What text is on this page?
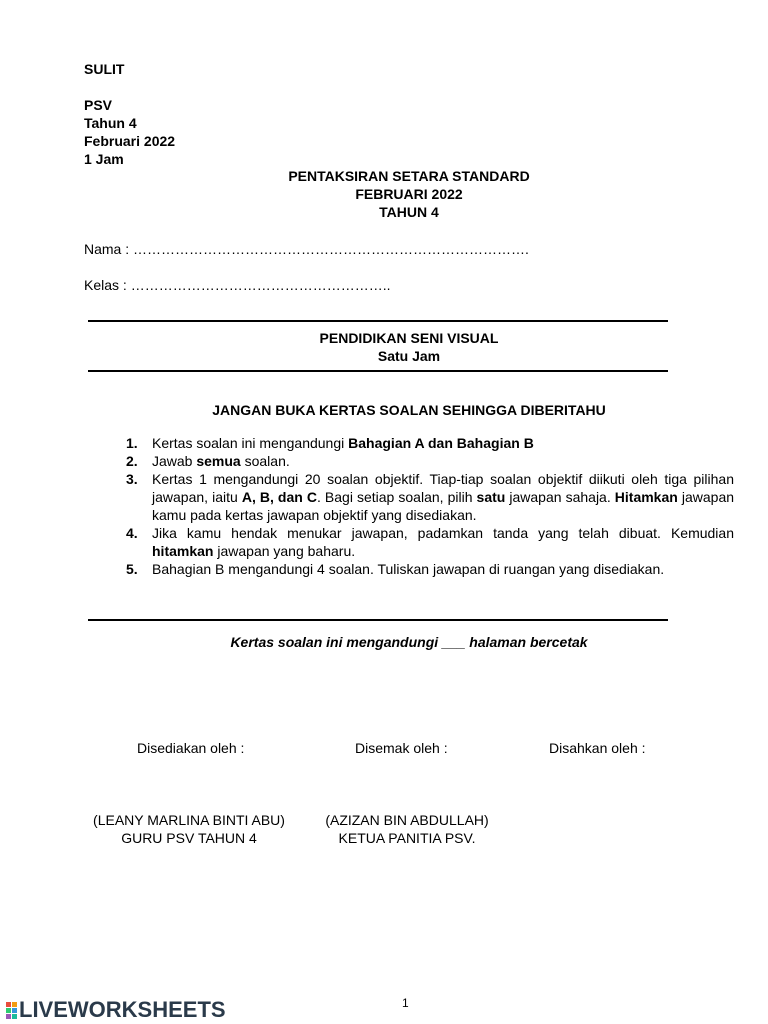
SULIT
PSV
Tahun 4
Februari 2022
1 Jam
PENTAKSIRAN SETARA STANDARD
FEBRUARI 2022
TAHUN 4
Nama : ………………………………………………………………………….
Kelas : ………………………………………………..
PENDIDIKAN SENI VISUAL
Satu Jam
JANGAN BUKA KERTAS SOALAN SEHINGGA DIBERITAHU
1.	Kertas soalan ini mengandungi Bahagian A dan Bahagian B
2.	Jawab semua soalan.
3.	Kertas 1 mengandungi 20 soalan objektif. Tiap-tiap soalan objektif diikuti oleh tiga pilihan jawapan, iaitu A, B, dan C. Bagi setiap soalan, pilih satu jawapan sahaja. Hitamkan jawapan kamu pada kertas jawapan objektif yang disediakan.
4.	Jika kamu hendak menukar jawapan, padamkan tanda yang telah dibuat. Kemudian hitamkan jawapan yang baharu.
5.	Bahagian B mengandungi 4 soalan. Tuliskan jawapan di ruangan yang disediakan.
Kertas soalan ini mengandungi ___ halaman bercetak
Disediakan oleh :	Disemak oleh :	Disahkan oleh :
(LEANY MARLINA BINTI ABU)
GURU PSV TAHUN 4
(AZIZAN BIN ABDULLAH)
KETUA PANITIA PSV.
1
LIVEWORKSHEETS
